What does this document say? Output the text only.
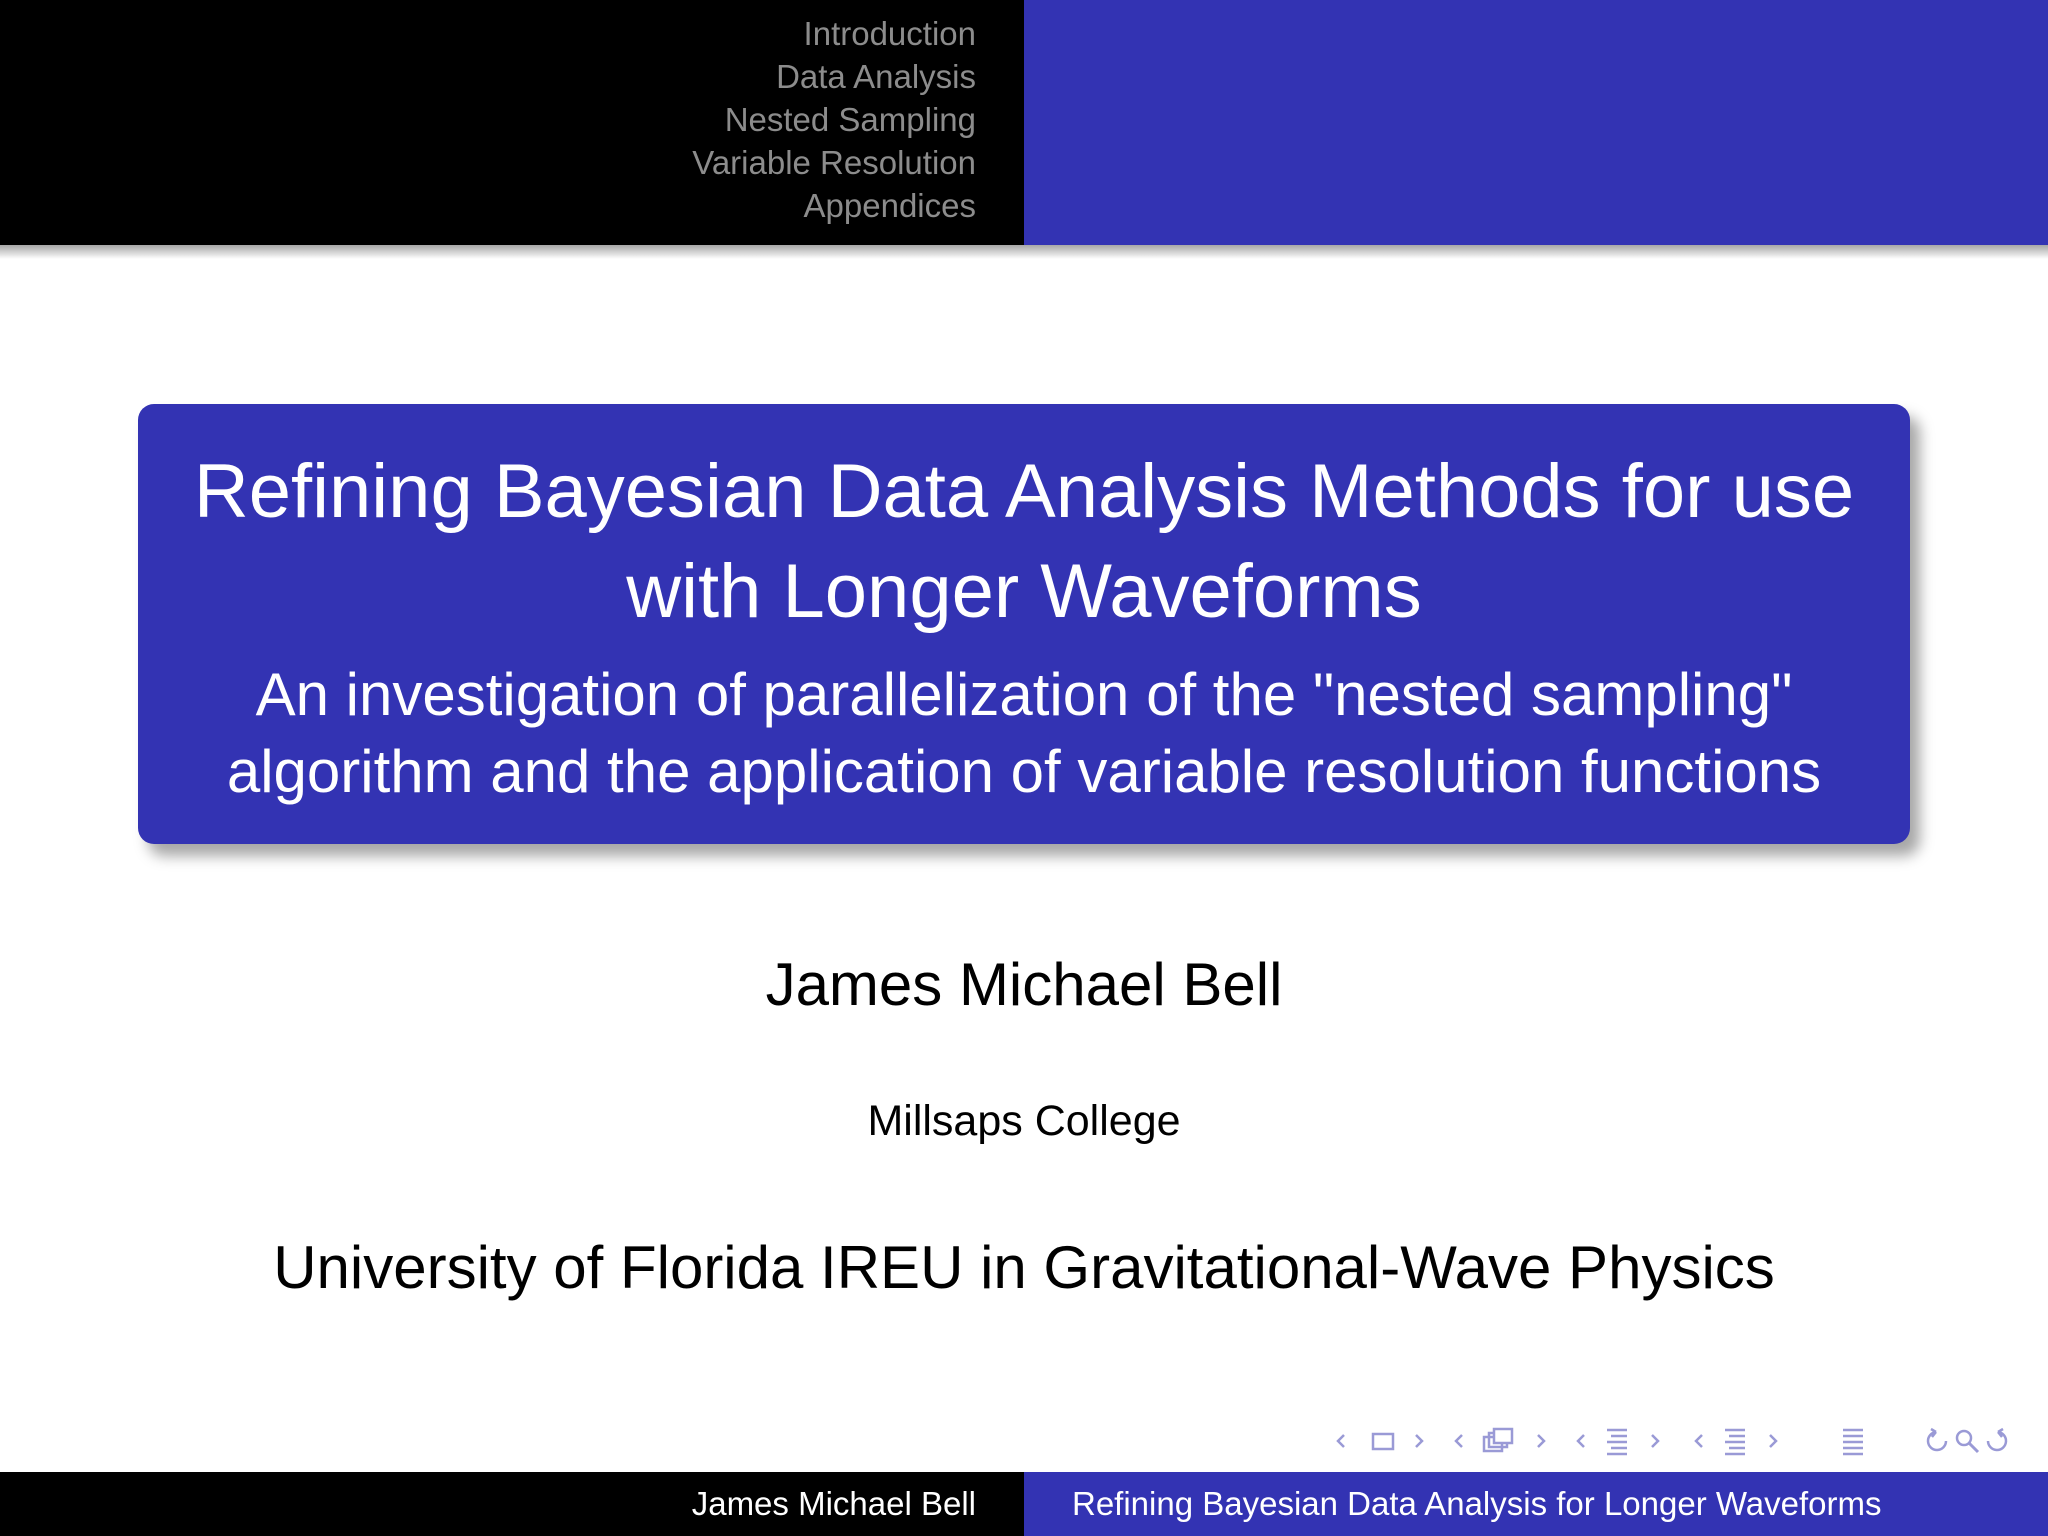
Introduction
Data Analysis
Nested Sampling
Variable Resolution
Appendices
Refining Bayesian Data Analysis Methods for use with Longer Waveforms
An investigation of parallelization of the "nested sampling" algorithm and the application of variable resolution functions
James Michael Bell
Millsaps College
University of Florida IREU in Gravitational-Wave Physics
James Michael Bell	Refining Bayesian Data Analysis for Longer Waveforms
